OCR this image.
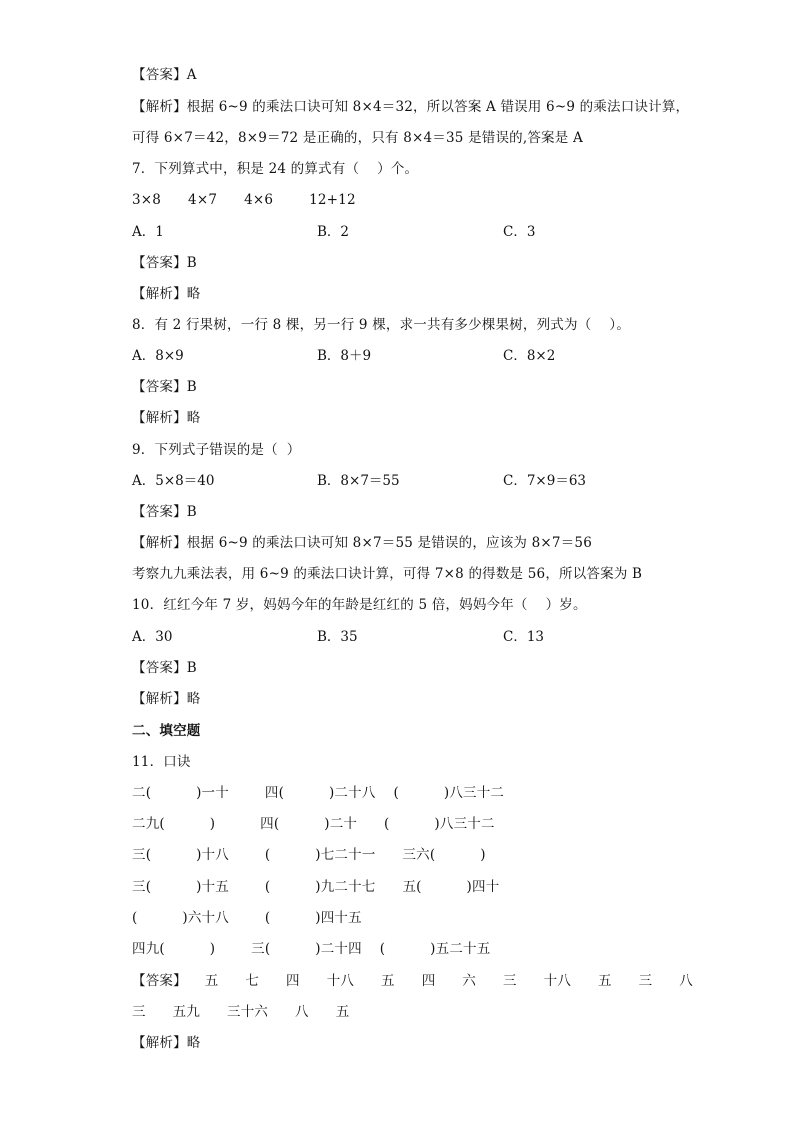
【答案】A
【解析】根据 6~9 的乘法口诀可知 8×4＝32，所以答案 A 错误用 6~9 的乘法口诀计算，
可得 6×7＝42，8×9＝72 是正确的，只有 8×4＝35 是错误的,答案是 A
7．下列算式中，积是 24 的算式有（    ）个。
3×8      4×7      4×6        12+12
A．1	B．2	C．3
【答案】B
【解析】略
8．有 2 行果树，一行 8 棵，另一行 9 棵，求一共有多少棵果树，列式为（    ）。
A．8×9	B．8＋9	C．8×2
【答案】B
【解析】略
9．下列式子错误的是（  ）
A．5×8＝40	B．8×7＝55	C．7×9＝63
【答案】B
【解析】根据 6~9 的乘法口诀可知 8×7＝55 是错误的，应该为 8×7＝56
考察九九乘法表，用 6~9 的乘法口诀计算，可得 7×8 的得数是 56，所以答案为 B
10．红红今年 7 岁，妈妈今年的年龄是红红的 5 倍，妈妈今年（    ）岁。
A．30	B．35	C．13
【答案】B
【解析】略
二、填空题
11．口诀
二(          )一十        四(          )二十八    (          )八三十二
二九(          )          四(          )二十      (          )八三十二
三(          )十八        (          )七二十一      三六(          )
三(          )十五        (          )九二十七      五(          )四十
(          )六十八        (          )四十五
四九(          )        三(          )二十四    (          )五二十五
【答案】    五      七      四      十八      五      四      六      三      十八      五      三      八
三      五九      三十六      八      五
【解析】略
